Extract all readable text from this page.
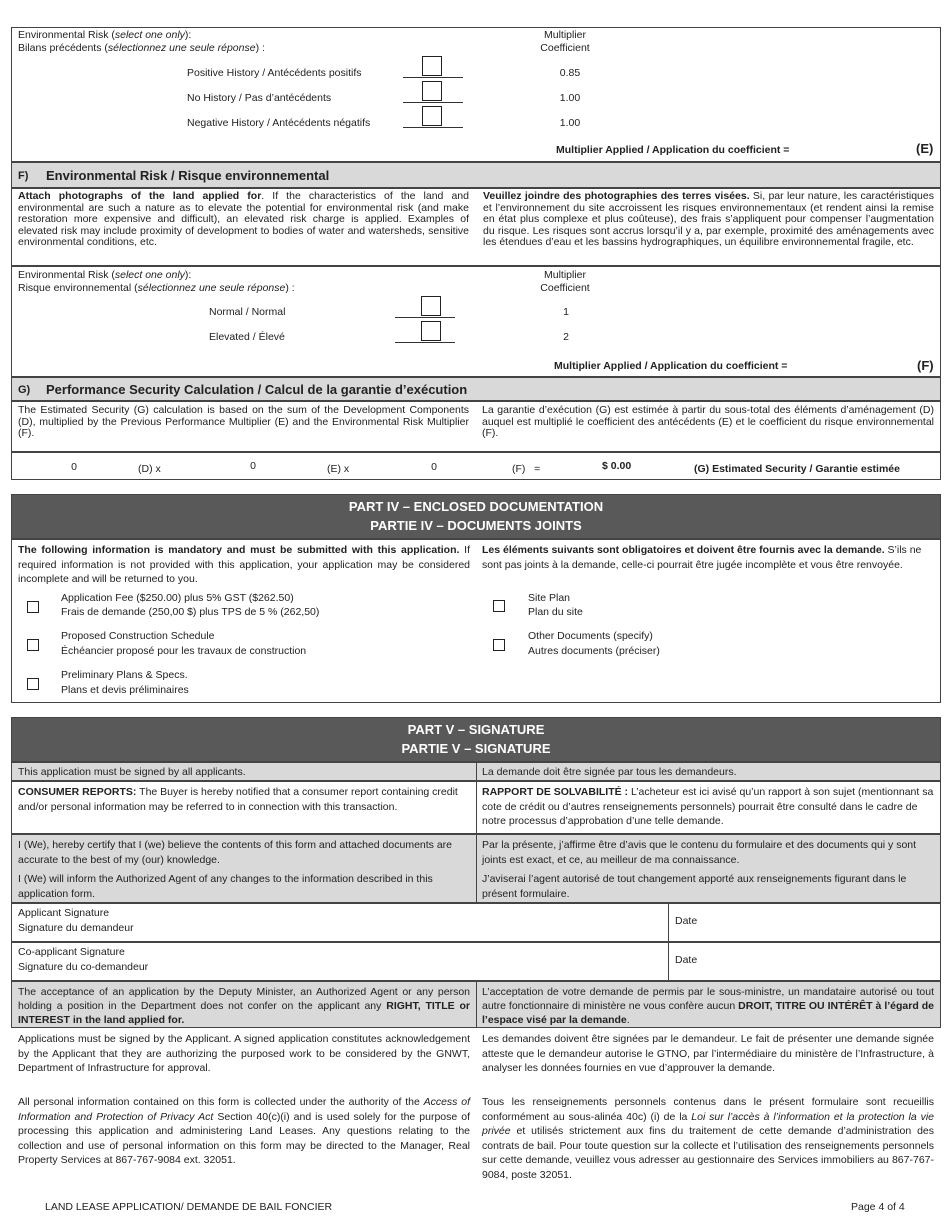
Environmental Risk (select one only):
Bilans précédents (sélectionnez une seule réponse) :
Multiplier
Coefficient
Positive History / Antécédents positifs	0.85
No History / Pas d’antécédents	1.00
Negative History / Antécédents négatifs	1.00
Multiplier Applied / Application du coefficient =	(E)
F) Environmental Risk / Risque environnemental
Attach photographs of the land applied for. If the characteristics of the land and environmental are such a nature as to elevate the potential for environmental risk (and make restoration more expensive and difficult), an elevated risk charge is applied. Examples of elevated risk may include proximity of development to bodies of water and watersheds, sensitive environmental conditions, etc.
Veuillez joindre des photographies des terres visées. Si, par leur nature, les caractéristiques et l’environnement du site accroissent les risques environnementaux (et rendent ainsi la remise en état plus complexe et plus coûteuse), des frais s’appliquent pour compenser l’augmentation du risque. Les risques sont accrus lorsqu’il y a, par exemple, proximité des aménagements avec les étendues d’eau et les bassins hydrographiques, un équilibre environnemental fragile, etc.
Environmental Risk (select one only):
Risque environnemental (sélectionnez une seule réponse) :
Multiplier
Coefficient
Normal / Normal	1
Elevated / Élevé	2
Multiplier Applied / Application du coefficient =	(F)
G) Performance Security Calculation / Calcul de la garantie d’exécution
The Estimated Security (G) calculation is based on the sum of the Development Components (D), multiplied by the Previous Performance Multiplier (E) and the Environmental Risk Multiplier (F).
La garantie d’exécution (G) est estimée à partir du sous-total des éléments d’aménagement (D) auquel est multiplié le coefficient des antécédents (E) et le coefficient du risque environnemental (F).
0	(D) x	0	(E) x	0	(F)   =	$ 0.00	(G) Estimated Security / Garantie estimée
PART IV – ENCLOSED DOCUMENTATION
PARTIE IV – DOCUMENTS JOINTS
The following information is mandatory and must be submitted with this application. If required information is not provided with this application, your application may be considered incomplete and will be returned to you.
Les éléments suivants sont obligatoires et doivent être fournis avec la demande. S’ils ne sont pas joints à la demande, celle-ci pourrait être jugée incomplète et vous être renvoyée.
Application Fee ($250.00) plus 5% GST ($262.50)
Frais de demande (250,00 $) plus TPS de 5 % (262,50)
Proposed Construction Schedule
Échéancier proposé pour les travaux de construction
Preliminary Plans & Specs.
Plans et devis préliminaires
Site Plan
Plan du site
Other Documents (specify)
Autres documents (préciser)
PART V – SIGNATURE
PARTIE V – SIGNATURE
This application must be signed by all applicants.	La demande doit être signée par tous les demandeurs.
CONSUMER REPORTS: The Buyer is hereby notified that a consumer report containing credit and/or personal information may be referred to in connection with this transaction.
RAPPORT DE SOLVABILITÉ : L’acheteur est ici avisé qu’un rapport à son sujet (mentionnant sa cote de crédit ou d’autres renseignements personnels) pourrait être consulté dans le cadre de notre processus d’approbation d’une telle demande.
I (We), hereby certify that I (we) believe the contents of this form and attached documents are accurate to the best of my (our) knowledge.
I (We) will inform the Authorized Agent of any changes to the information described in this application form.
Par la présente, j’affirme être d’avis que le contenu du formulaire et des documents qui y sont joints est exact, et ce, au meilleur de ma connaissance.
J’aviserai l’agent autorisé de tout changement apporté aux renseignements figurant dans le présent formulaire.
Applicant Signature
Signature du demandeur
Date
Co-applicant Signature
Signature du co-demandeur
Date
The acceptance of an application by the Deputy Minister, an Authorized Agent or any person holding a position in the Department does not confer on the applicant any RIGHT, TITLE or INTEREST in the land applied for.
L’acceptation de votre demande de permis par le sous-ministre, un mandataire autorisé ou tout autre fonctionnaire di ministère ne vous confère aucun DROIT, TITRE OU INTÉRÊT à l’égard de l’espace visé par la demande.
Applications must be signed by the Applicant. A signed application constitutes acknowledgement by the Applicant that they are authorizing the purposed work to be considered by the GNWT, Department of Infrastructure for approval.
Les demandes doivent être signées par le demandeur. Le fait de présenter une demande signée atteste que le demandeur autorise le GTNO, par l’intermédiaire du ministère de l’Infrastructure, à analyser les données fournies en vue d’approuver la demande.
All personal information contained on this form is collected under the authority of the Access of Information and Protection of Privacy Act Section 40(c)(i) and is used solely for the purpose of processing this application and administering Land Leases. Any questions relating to the collection and use of personal information on this form may be directed to the Manager, Real Property Services at 867-767-9084 ext. 32051.
Tous les renseignements personnels contenus dans le présent formulaire sont recueillis conformément au sous-alinéa 40c) (i) de la Loi sur l’accès à l’information et la protection la vie privée et utilisés strictement aux fins du traitement de cette demande d’administration des contrats de bail. Pour toute question sur la collecte et l’utilisation des renseignements personnels sur cette demande, veuillez vous adresser au gestionnaire des Services immobiliers au 867-767-9084, poste 32051.
LAND LEASE APPLICATION/ DEMANDE DE BAIL FONCIER	Page 4 of 4
